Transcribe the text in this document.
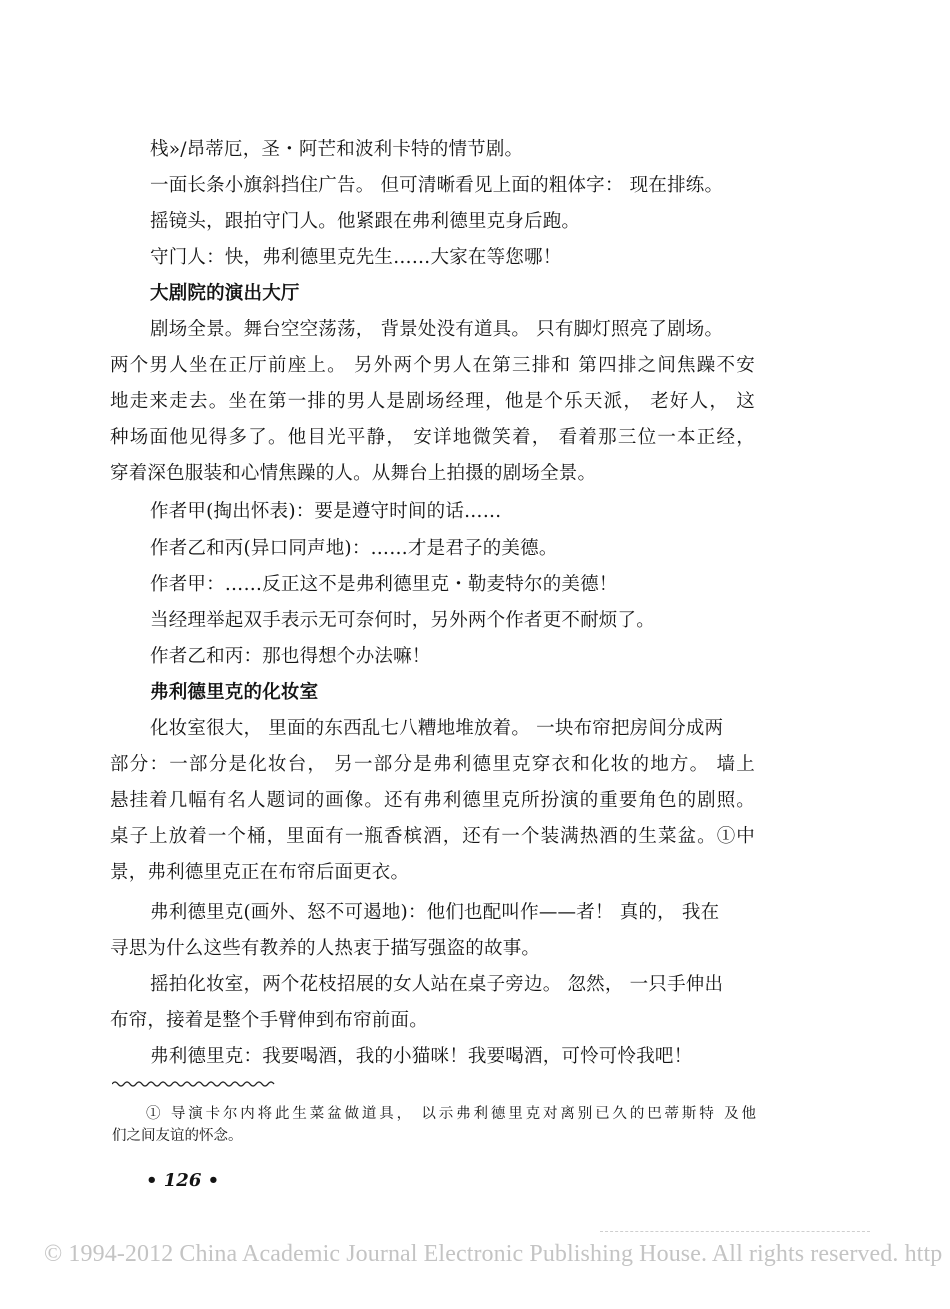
栈»/昂蒂厄，圣・阿芒和波利卡特的情节剧。

一面长条小旗斜挡住广告。 但可清晰看见上面的粗体字： 现在排练。

摇镜头，跟拍守门人。他紧跟在弗利德里克身后跑。

守门人：快，弗利德里克先生……大家在等您哪！

大剧院的演出大厅

剧场全景。舞台空空荡荡， 背景处没有道具。 只有脚灯照亮了剧场。

两个男人坐在正厅前座上。 另外两个男人在第三排和 第四排之间焦躁不安

地走来走去。坐在第一排的男人是剧场经理，他是个乐天派， 老好人， 这

种场面他见得多了。他目光平静， 安详地微笑着， 看着那三位一本正经，

穿着深色服装和心情焦躁的人。从舞台上拍摄的剧场全景。

作者甲(掏出怀表)：要是遵守时间的话……

作者乙和丙(异口同声地)：……才是君子的美德。

作者甲：……反正这不是弗利德里克・勒麦特尔的美德！

当经理举起双手表示无可奈何时，另外两个作者更不耐烦了。

作者乙和丙：那也得想个办法嘛！

弗利德里克的化妆室

化妆室很大， 里面的东西乱七八糟地堆放着。 一块布帘把房间分成两

部分：一部分是化妆台， 另一部分是弗利德里克穿衣和化妆的地方。 墙上

悬挂着几幅有名人题词的画像。还有弗利德里克所扮演的重要角色的剧照。

桌子上放着一个桶，里面有一瓶香槟酒，还有一个装满热酒的生菜盆。①中

景，弗利德里克正在布帘后面更衣。

弗利德里克(画外、怒不可遏地)：他们也配叫作——者！ 真的， 我在

寻思为什么这些有教养的人热衷于描写强盗的故事。

摇拍化妆室，两个花枝招展的女人站在桌子旁边。 忽然， 一只手伸出

布帘，接着是整个手臂伸到布帘前面。

弗利德里克：我要喝酒，我的小猫咪！我要喝酒，可怜可怜我吧！

① 导演卡尔内将此生菜盆做道具， 以示弗利德里克对离别已久的巴蒂斯特 及他

们之间友谊的怀念。

• 126 •
© 1994-2012 China Academic Journal Electronic Publishing House. All rights reserved. http
